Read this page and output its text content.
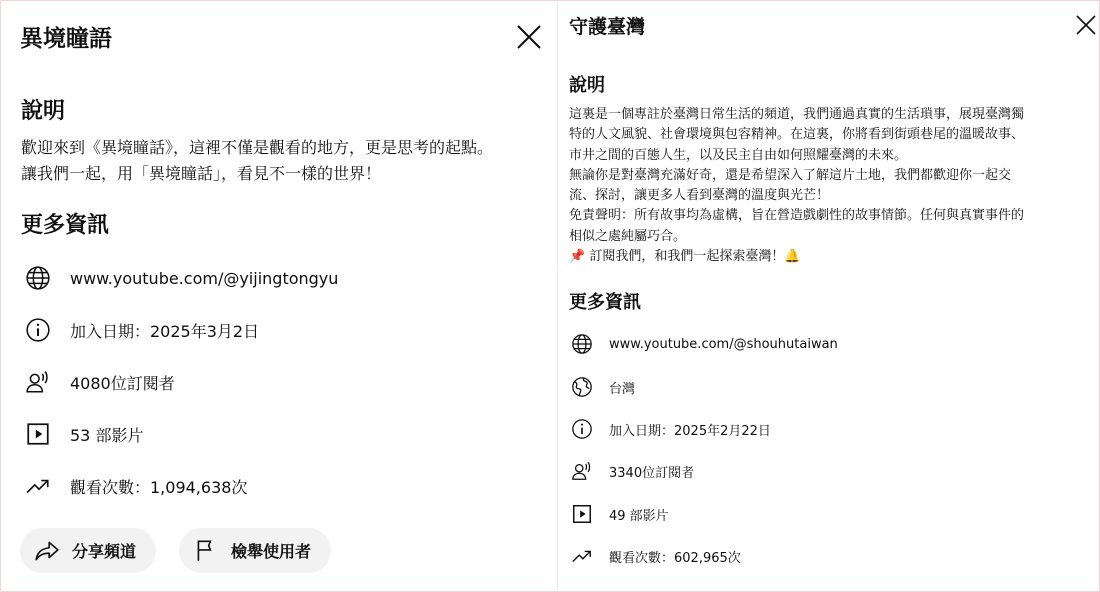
異境瞳語
說明
歡迎來到《異境瞳話》，這裡不僅是觀看的地方，更是思考的起點。
讓我們一起，用「異境瞳話」，看見不一樣的世界！
更多資訊
www.youtube.com/@yijingtongyu
加入日期：2025年3月2日
4080位訂閱者
53 部影片
觀看次數：1,094,638次
分享頻道	檢舉使用者
守護臺灣
說明
這裏是一個專註於臺灣日常生活的頻道，我們通過真實的生活瑣事，展現臺灣獨
特的人文風貌、社會環境與包容精神。在這裏，你將看到街頭巷尾的溫暖故事、
市井之間的百態人生，以及民主自由如何照耀臺灣的未來。
無論你是對臺灣充滿好奇，還是希望深入了解這片土地，我們都歡迎你一起交
流、探討，讓更多人看到臺灣的溫度與光芒！
免責聲明：所有故事均為虛構，旨在營造戲劇性的故事情節。任何與真實事件的
相似之處純屬巧合。
📌 訂閱我們，和我們一起探索臺灣！🔔
更多資訊
www.youtube.com/@shouhutaiwan
台灣
加入日期：2025年2月22日
3340位訂閱者
49 部影片
觀看次數：602,965次
